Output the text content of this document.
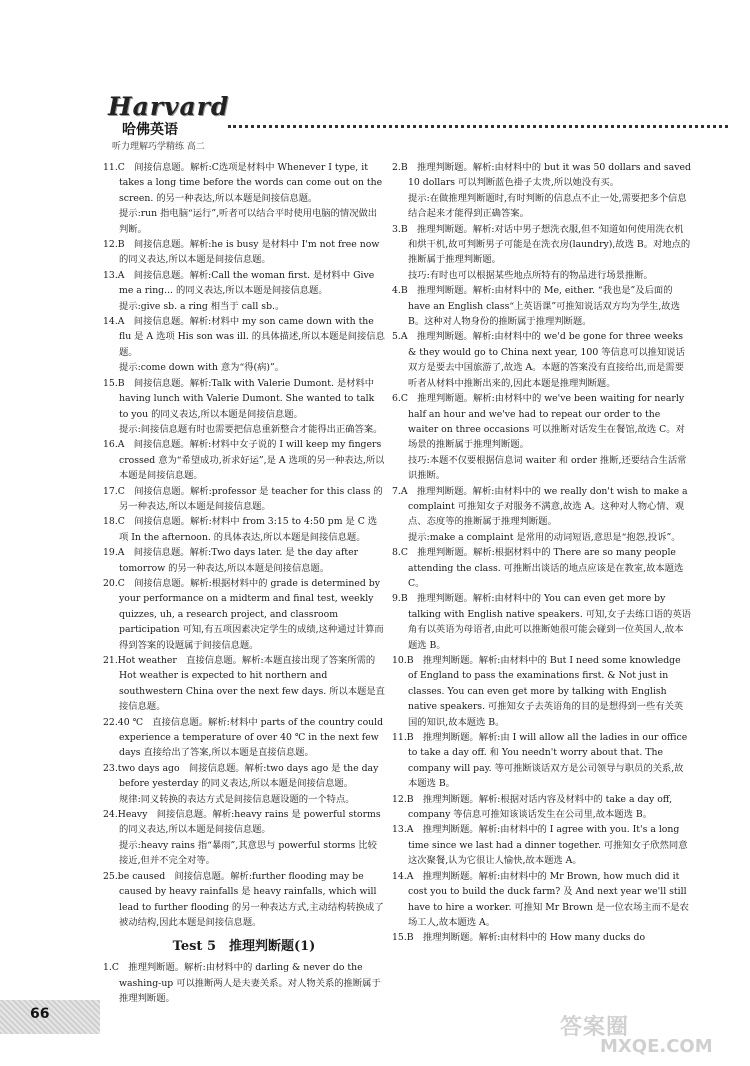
Harvard
哈佛英语
听力理解巧学精练 高二

11.C　间接信息题。解析:C选项是材料中 Whenever I type, it takes a long time before the words can come out on the screen. 的另一种表达,所以本题是间接信息题。

提示:run 指电脑“运行”,听者可以结合平时使用电脑的情况做出判断。

12.B　间接信息题。解析:he is busy 是材料中 I'm not free now 的同义表达,所以本题是间接信息题。

13.A　间接信息题。解析:Call the woman first. 是材料中 Give me a ring... 的同义表达,所以本题是间接信息题。

提示:give sb. a ring 相当于 call sb.。

14.A　间接信息题。解析:材料中 my son came down with the flu 是 A 选项 His son was ill. 的具体描述,所以本题是间接信息题。

提示:come down with 意为“得(病)”。

15.B　间接信息题。解析:Talk with Valerie Dumont. 是材料中 having lunch with Valerie Dumont. She wanted to talk to you 的同义表达,所以本题是间接信息题。

提示:间接信息题有时也需要把信息重新整合才能得出正确答案。

16.A　间接信息题。解析:材料中女子说的 I will keep my fingers crossed 意为“希望成功,祈求好运”,是 A 选项的另一种表达,所以本题是间接信息题。

17.C　间接信息题。解析:professor 是 teacher for this class 的另一种表达,所以本题是间接信息题。

18.C　间接信息题。解析:材料中 from 3:15 to 4:50 pm 是 C 选项 In the afternoon. 的具体表达,所以本题是间接信息题。

19.A　间接信息题。解析:Two days later. 是 the day after tomorrow 的另一种表达,所以本题是间接信息题。

20.C　间接信息题。解析:根据材料中的 grade is determined by your performance on a midterm and final test, weekly quizzes, uh, a research project, and classroom participation 可知,有五项因素决定学生的成绩,这种通过计算而得到答案的设题属于间接信息题。

21.Hot weather　直接信息题。解析:本题直接出现了答案所需的 Hot weather is expected to hit northern and southwestern China over the next few days. 所以本题是直接信息题。

22.40 ℃　直接信息题。解析:材料中 parts of the country could experience a temperature of over 40 ℃ in the next few days 直接给出了答案,所以本题是直接信息题。

23.two days ago　间接信息题。解析:two days ago 是 the day before yesterday 的同义表达,所以本题是间接信息题。

规律:同义转换的表达方式是间接信息题设题的一个特点。

24.Heavy　间接信息题。解析:heavy rains 是 powerful storms 的同义表达,所以本题是间接信息题。

提示:heavy rains 指“暴雨”,其意思与 powerful storms 比较接近,但并不完全对等。

25.be caused　间接信息题。解析:further flooding may be caused by heavy rainfalls 是 heavy rainfalls, which will lead to further flooding 的另一种表达方式,主动结构转换成了被动结构,因此本题是间接信息题。

Test 5　推理判断题(1)

1.C　推理判断题。解析:由材料中的 darling & never do the washing-up 可以推断两人是夫妻关系。对人物关系的推断属于推理判断题。

2.B　推理判断题。解析:由材料中的 but it was 50 dollars and saved 10 dollars 可以判断蓝色褂子太贵,所以她没有买。

提示:在做推理判断题时,有时判断的信息点不止一处,需要把多个信息结合起来才能得到正确答案。

3.B　推理判断题。解析:对话中男子想洗衣服,但不知道如何使用洗衣机和烘干机,故可判断男子可能是在洗衣房(laundry),故选 B。对地点的推断属于推理判断题。

技巧:有时也可以根据某些地点所特有的物品进行场景推断。

4.B　推理判断题。解析:由材料中的 Me, either. “我也是”及后面的 have an English class“上英语课”可推知说话双方均为学生,故选 B。这种对人物身份的推断属于推理判断题。

5.A　推理判断题。解析:由材料中的 we'd be gone for three weeks & they would go to China next year, 100 等信息可以推知说话双方是要去中国旅游了,故选 A。本题的答案没有直接给出,而是需要听者从材料中推断出来的,因此本题是推理判断题。

6.C　推理判断题。解析:由材料中的 we've been waiting for nearly half an hour and we've had to repeat our order to the waiter on three occasions 可以推断对话发生在餐馆,故选 C。对场景的推断属于推理判断题。

技巧:本题不仅要根据信息词 waiter 和 order 推断,还要结合生活常识推断。

7.A　推理判断题。解析:由材料中的 we really don't wish to make a complaint 可推知女子对服务不满意,故选 A。这种对人物心情、观点、态度等的推断属于推理判断题。

提示:make a complaint 是常用的动词短语,意思是“抱怨,投诉”。

8.C　推理判断题。解析:根据材料中的 There are so many people attending the class. 可推断出谈话的地点应该是在教室,故本题选 C。

9.B　推理判断题。解析:由材料中的 You can even get more by talking with English native speakers. 可知,女子去练口语的英语角有以英语为母语者,由此可以推断她很可能会碰到一位英国人,故本题选 B。

10.B　推理判断题。解析:由材料中的 But I need some knowledge of England to pass the examinations first. & Not just in classes. You can even get more by talking with English native speakers. 可推知女子去英语角的目的是想得到一些有关英国的知识,故本题选 B。

11.B　推理判断题。解析:由 I will allow all the ladies in our office to take a day off. 和 You needn't worry about that. The company will pay. 等可推断谈话双方是公司领导与职员的关系,故本题选 B。

12.B　推理判断题。解析:根据对话内容及材料中的 take a day off, company 等信息可推知该谈话发生在公司里,故本题选 B。

13.A　推理判断题。解析:由材料中的 I agree with you. It's a long time since we last had a dinner together. 可推知女子欣然同意这次聚餐,认为它很让人愉快,故本题选 A。

14.A　推理判断题。解析:由材料中的 Mr Brown, how much did it cost you to build the duck farm? 及 And next year we'll still have to hire a worker. 可推知 Mr Brown 是一位农场主而不是农场工人,故本题选 A。

15.B　推理判断题。解析:由材料中的 How many ducks do

66
答案圈
MXQE.COM
